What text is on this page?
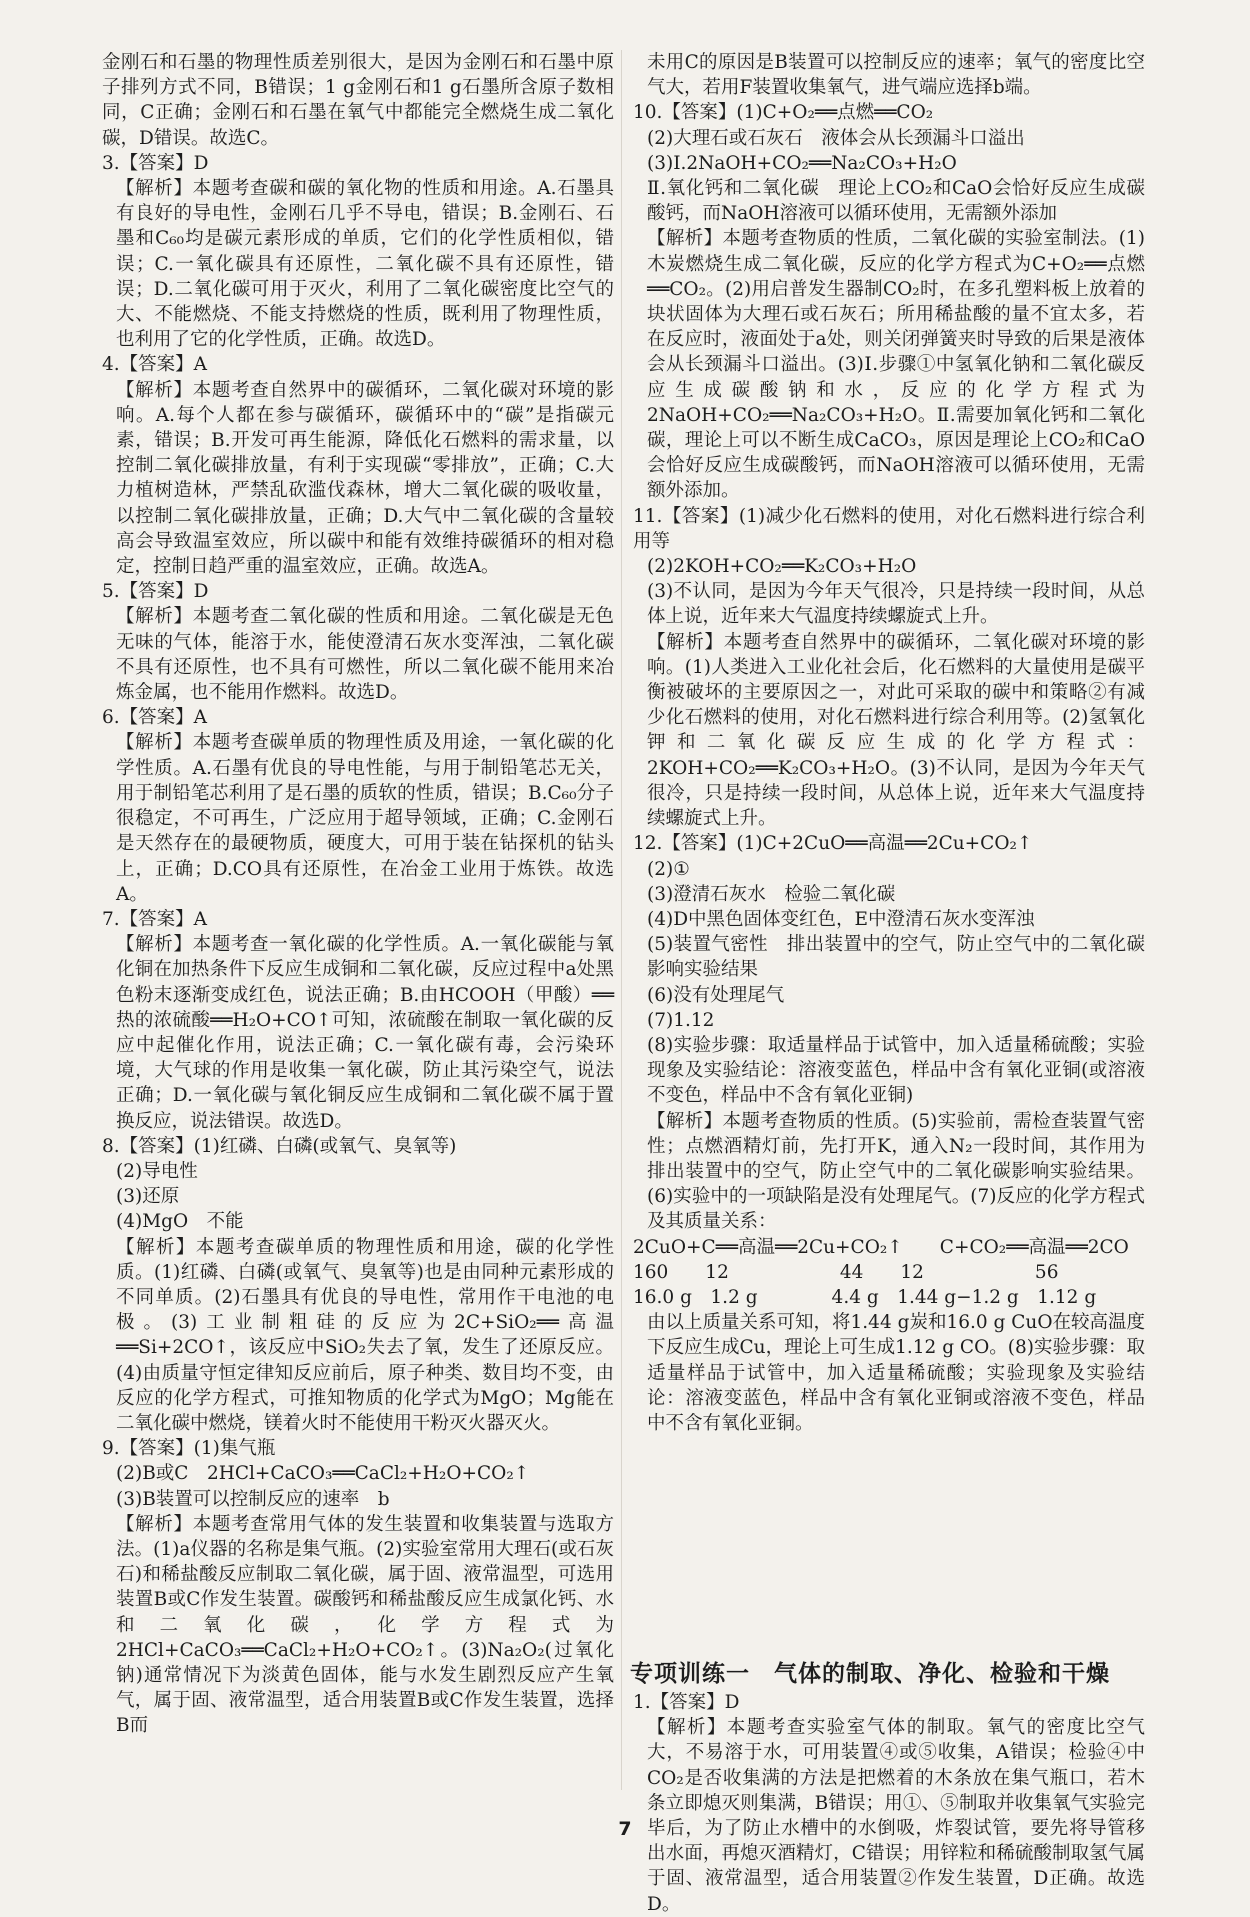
金刚石和石墨的物理性质差别很大，是因为金刚石和石墨中原子排列方式不同，B错误；1 g金刚石和1 g石墨所含原子数相同，C正确；金刚石和石墨在氧气中都能完全燃烧生成二氧化碳，D错误。故选C。

3.【答案】D

【解析】本题考查碳和碳的氧化物的性质和用途。A.石墨具有良好的导电性，金刚石几乎不导电，错误；B.金刚石、石墨和C₆₀均是碳元素形成的单质，它们的化学性质相似，错误；C.一氧化碳具有还原性，二氧化碳不具有还原性，错误；D.二氧化碳可用于灭火，利用了二氧化碳密度比空气的大、不能燃烧、不能支持燃烧的性质，既利用了物理性质，也利用了它的化学性质，正确。故选D。

4.【答案】A

【解析】本题考查自然界中的碳循环，二氧化碳对环境的影响。A.每个人都在参与碳循环，碳循环中的“碳”是指碳元素，错误；B.开发可再生能源，降低化石燃料的需求量，以控制二氧化碳排放量，有利于实现碳“零排放”，正确；C.大力植树造林，严禁乱砍滥伐森林，增大二氧化碳的吸收量，以控制二氧化碳排放量，正确；D.大气中二氧化碳的含量较高会导致温室效应，所以碳中和能有效维持碳循环的相对稳定，控制日趋严重的温室效应，正确。故选A。

5.【答案】D

【解析】本题考查二氧化碳的性质和用途。二氧化碳是无色无味的气体，能溶于水，能使澄清石灰水变浑浊，二氧化碳不具有还原性，也不具有可燃性，所以二氧化碳不能用来冶炼金属，也不能用作燃料。故选D。

6.【答案】A

【解析】本题考查碳单质的物理性质及用途，一氧化碳的化学性质。A.石墨有优良的导电性能，与用于制铅笔芯无关，用于制铅笔芯利用了是石墨的质软的性质，错误；B.C₆₀分子很稳定，不可再生，广泛应用于超导领域，正确；C.金刚石是天然存在的最硬物质，硬度大，可用于装在钻探机的钻头上，正确；D.CO具有还原性，在冶金工业用于炼铁。故选A。

7.【答案】A

【解析】本题考查一氧化碳的化学性质。A.一氧化碳能与氧化铜在加热条件下反应生成铜和二氧化碳，反应过程中a处黑色粉末逐渐变成红色，说法正确；B.由HCOOH（甲酸）══热的浓硫酸══H₂O+CO↑可知，浓硫酸在制取一氧化碳的反应中起催化作用，说法正确；C.一氧化碳有毒，会污染环境，大气球的作用是收集一氧化碳，防止其污染空气，说法正确；D.一氧化碳与氧化铜反应生成铜和二氧化碳不属于置换反应，说法错误。故选D。

8.【答案】(1)红磷、白磷(或氧气、臭氧等)

(2)导电性

(3)还原

(4)MgO　不能

【解析】本题考查碳单质的物理性质和用途，碳的化学性质。(1)红磷、白磷(或氧气、臭氧等)也是由同种元素形成的不同单质。(2)石墨具有优良的导电性，常用作干电池的电极。(3)工业制粗硅的反应为2C+SiO₂══高温══Si+2CO↑，该反应中SiO₂失去了氧，发生了还原反应。(4)由质量守恒定律知反应前后，原子种类、数目均不变，由反应的化学方程式，可推知物质的化学式为MgO；Mg能在二氧化碳中燃烧，镁着火时不能使用干粉灭火器灭火。

9.【答案】(1)集气瓶

(2)B或C　2HCl+CaCO₃══CaCl₂+H₂O+CO₂↑

(3)B装置可以控制反应的速率　b

【解析】本题考查常用气体的发生装置和收集装置与选取方法。(1)a仪器的名称是集气瓶。(2)实验室常用大理石(或石灰石)和稀盐酸反应制取二氧化碳，属于固、液常温型，可选用装置B或C作发生装置。碳酸钙和稀盐酸反应生成氯化钙、水和二氧化碳，化学方程式为2HCl+CaCO₃══CaCl₂+H₂O+CO₂↑。(3)Na₂O₂(过氧化钠)通常情况下为淡黄色固体，能与水发生剧烈反应产生氧气，属于固、液常温型，适合用装置B或C作发生装置，选择B而

未用C的原因是B装置可以控制反应的速率；氧气的密度比空气大，若用F装置收集氧气，进气端应选择b端。

10.【答案】(1)C+O₂══点燃══CO₂

(2)大理石或石灰石　液体会从长颈漏斗口溢出

(3)Ⅰ.2NaOH+CO₂══Na₂CO₃+H₂O

Ⅱ.氧化钙和二氧化碳　理论上CO₂和CaO会恰好反应生成碳酸钙，而NaOH溶液可以循环使用，无需额外添加

【解析】本题考查物质的性质，二氧化碳的实验室制法。(1)木炭燃烧生成二氧化碳，反应的化学方程式为C+O₂══点燃══CO₂。(2)用启普发生器制CO₂时，在多孔塑料板上放着的块状固体为大理石或石灰石；所用稀盐酸的量不宜太多，若在反应时，液面处于a处，则关闭弹簧夹时导致的后果是液体会从长颈漏斗口溢出。(3)Ⅰ.步骤①中氢氧化钠和二氧化碳反应生成碳酸钠和水，反应的化学方程式为2NaOH+CO₂══Na₂CO₃+H₂O。Ⅱ.需要加氧化钙和二氧化碳，理论上可以不断生成CaCO₃，原因是理论上CO₂和CaO会恰好反应生成碳酸钙，而NaOH溶液可以循环使用，无需额外添加。

11.【答案】(1)减少化石燃料的使用，对化石燃料进行综合利用等

(2)2KOH+CO₂══K₂CO₃+H₂O

(3)不认同，是因为今年天气很冷，只是持续一段时间，从总体上说，近年来大气温度持续螺旋式上升。

【解析】本题考查自然界中的碳循环，二氧化碳对环境的影响。(1)人类进入工业化社会后，化石燃料的大量使用是碳平衡被破坏的主要原因之一，对此可采取的碳中和策略②有减少化石燃料的使用，对化石燃料进行综合利用等。(2)氢氧化钾和二氧化碳反应生成的化学方程式：2KOH+CO₂══K₂CO₃+H₂O。(3)不认同，是因为今年天气很冷，只是持续一段时间，从总体上说，近年来大气温度持续螺旋式上升。

12.【答案】(1)C+2CuO══高温══2Cu+CO₂↑

(2)①

(3)澄清石灰水　检验二氧化碳

(4)D中黑色固体变红色，E中澄清石灰水变浑浊

(5)装置气密性　排出装置中的空气，防止空气中的二氧化碳影响实验结果

(6)没有处理尾气

(7)1.12

(8)实验步骤：取适量样品于试管中，加入适量稀硫酸；实验现象及实验结论：溶液变蓝色，样品中含有氧化亚铜(或溶液不变色，样品中不含有氧化亚铜)

【解析】本题考查物质的性质。(5)实验前，需检查装置气密性；点燃酒精灯前，先打开K，通入N₂一段时间，其作用为排出装置中的空气，防止空气中的二氧化碳影响实验结果。(6)实验中的一项缺陷是没有处理尾气。(7)反应的化学方程式及其质量关系：

2CuO+C══高温══2Cu+CO₂↑　　C+CO₂══高温══2CO

160　　12　　　　　　44　　12　　　　　　56

16.0 g　1.2 g　　　　4.4 g　1.44 g−1.2 g　1.12 g

由以上质量关系可知，将1.44 g炭和16.0 g CuO在较高温度下反应生成Cu，理论上可生成1.12 g CO。(8)实验步骤：取适量样品于试管中，加入适量稀硫酸；实验现象及实验结论：溶液变蓝色，样品中含有氧化亚铜或溶液不变色，样品中不含有氧化亚铜。

专项训练一　气体的制取、净化、检验和干燥

1.【答案】D

【解析】本题考查实验室气体的制取。氧气的密度比空气大，不易溶于水，可用装置④或⑤收集，A错误；检验④中CO₂是否收集满的方法是把燃着的木条放在集气瓶口，若木条立即熄灭则集满，B错误；用①、⑤制取并收集氧气实验完毕后，为了防止水槽中的水倒吸，炸裂试管，要先将导管移出水面，再熄灭酒精灯，C错误；用锌粒和稀硫酸制取氢气属于固、液常温型，适合用装置②作发生装置，D正确。故选D。

7
